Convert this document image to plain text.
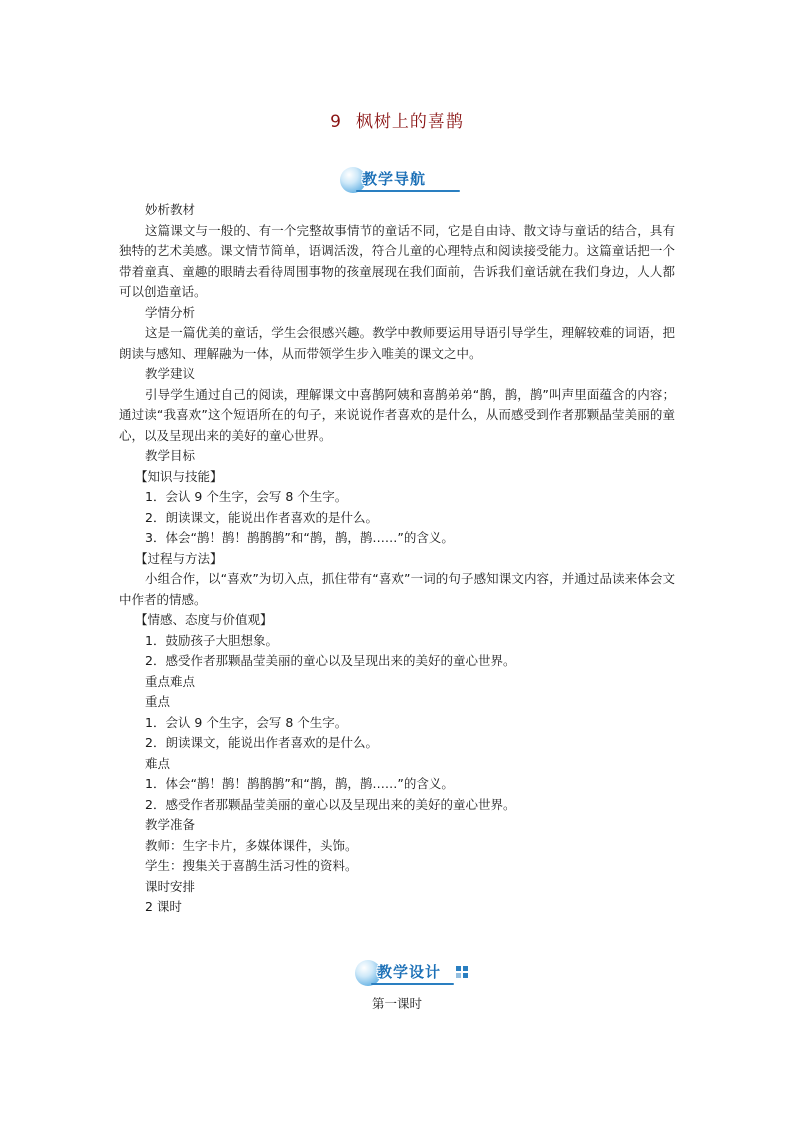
9 枫树上的喜鹊
教学导航

妙析教材

这篇课文与一般的、有一个完整故事情节的童话不同，它是自由诗、散文诗与童话的结合，具有独特的艺术美感。课文情节简单，语调活泼，符合儿童的心理特点和阅读接受能力。这篇童话把一个带着童真、童趣的眼睛去看待周围事物的孩童展现在我们面前，告诉我们童话就在我们身边，人人都可以创造童话。

学情分析

这是一篇优美的童话，学生会很感兴趣。教学中教师要运用导语引导学生，理解较难的词语，把朗读与感知、理解融为一体，从而带领学生步入唯美的课文之中。

教学建议

引导学生通过自己的阅读，理解课文中喜鹊阿姨和喜鹊弟弟“鹊，鹊，鹊”叫声里面蕴含的内容；通过读“我喜欢”这个短语所在的句子，来说说作者喜欢的是什么，从而感受到作者那颗晶莹美丽的童心，以及呈现出来的美好的童心世界。

教学目标

【知识与技能】

1．会认 9 个生字，会写 8 个生字。

2．朗读课文，能说出作者喜欢的是什么。

3．体会“鹊！鹊！鹊鹊鹊”和“鹊，鹊，鹊……”的含义。

【过程与方法】

小组合作，以“喜欢”为切入点，抓住带有“喜欢”一词的句子感知课文内容，并通过品读来体会文中作者的情感。

【情感、态度与价值观】

1．鼓励孩子大胆想象。

2．感受作者那颗晶莹美丽的童心以及呈现出来的美好的童心世界。

重点难点

重点

1．会认 9 个生字，会写 8 个生字。

2．朗读课文，能说出作者喜欢的是什么。

难点

1．体会“鹊！鹊！鹊鹊鹊”和“鹊，鹊，鹊……”的含义。

2．感受作者那颗晶莹美丽的童心以及呈现出来的美好的童心世界。

教学准备

教师：生字卡片，多媒体课件，头饰。

学生：搜集关于喜鹊生活习性的资料。

课时安排

2 课时

教学设计
第一课时
